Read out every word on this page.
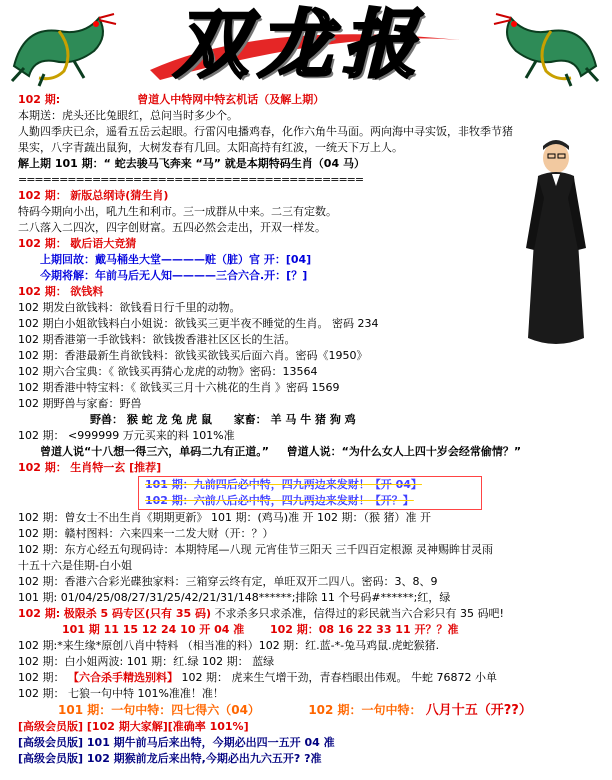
双龙报
102 期:	曾道人中特网中特玄机话（及解上期）
本期送：虎头还比兔眼红，总问当时多少个。
人勤四季庆已余，遥看五岳云起眼。行雷闪电播鸡春，化作六角牛马面。两向海中寻实饭，非牧季节猪
果实，八字青蔬出鼠狗，大树发春有几回。太阳高持有红波，一统天下万上人。
解上期 101 期：“ 蛇去骏马飞奔来 “马” 就是本期特码生肖（04 马）
==========================================
102 期： 新版总纲诗(猜生肖)
特码今期向小出，吼九生和利市。三一成群从中来。二三有定数。
二八落入二四次，四字创财富。五四必然会走出，开双一样发。
102 期： 歇后语大竞猜
上期回故：戴马桶坐大堂————赃（脏）官 开：[04]
今期将解：年前马后无人知————三合六合.开：[？]
102 期： 欲钱料
102 期发白欲钱料：欲钱看日行千里的动物。
102 期白小姐欲钱料白小姐说：欲钱买三更半夜不睡觉的生肖。 密码 234
102 期香港第一手欲钱料：欲钱拨香港社区区长的生活。
102 期：香港最新生肖欲钱料：欲钱买欲钱买后面六肖。密码《1950》
102 期六合宝典：《 欲钱买再猜心龙虎的动物》密码：13564
102 期香港中特宝料：《 欲钱买三月十六桃花的生肖 》密码 1569
102 期野兽与家畜：野兽
野兽： 猴 蛇 龙 兔 虎 鼠 家畜： 羊 马 牛 猪 狗 鸡
102 期： <999999 万元买来的料 101%准
曾道人说“十八想一得三六，单码二九有正道。” 曾道人说：“为什么女人上四十岁会经常偷情？”
102 期： 生肖特一玄 [推荐]
101 期：九前四后必中特，四九两边来发财！【开 04】
102 期：六前八后必中特，四九两边来发财！【开？】
102 期：曾女士不出生肖《期期更新》 101 期：(鸡马)准 开 102 期：（猴 猪）准 开
102 期：赣村图料：六来四来一二发大财（开：？）
102 期：东方心经五句现码诗：本期特尾—八现 元宵佳节三阳天 三千四百定根源 灵神赐眸甘灵雨
十五十六是佳期-白小姐
102 期：香港六合彩光碟独家料：三箱穿云终有定，单旺双开二四八。密码：3、8、9
101 期: 01/04/25/08/27/31/25/42/21/31/148******;排除 11 个号码#******;红，绿
102 期: 极限杀 5 码专区(只有 35 码) 不求杀多只求杀准，信得过的彩民就当六合彩只有 35 码吧!
101 期 11 15 12 24 10 开 04 准 102 期：08 16 22 33 11 开？？准
102 期:*来生缘*原创八肖中特料 （相当准的料）102 期：红.蓝-*-兔马鸡鼠.虎蛇猴猪.
102 期：白小姐两波: 101 期：红.绿 102 期： 蓝绿
102 期： 【六合杀手精选别料】 102 期： 虎来生气增干劲，青春档眼出伟观。 牛蛇 76872 小单
102 期： 七狼一句中特 101%准准！准！
101 期：一句中特：四七得六（04）	102 期：一句中特： 八月十五（开??）
[高级会员版] [102 期大家解][准确率 101%]
[高级会员版] 101 期牛前马后来出特，今期必出四一五开 04 准
[高级会员版] 102 期猴前龙后来出特,今期必出九六五开? ?准
